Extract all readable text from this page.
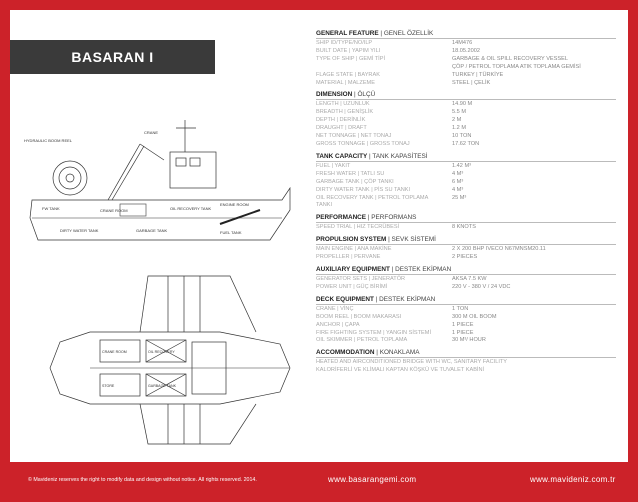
BASARAN I
HYDRAULIC BOOM REEL
CRANE
FW TANK	CRANE ROOM
GARBAGE TANK
OIL RECOVERY TANK
DIRTY WATER TANK
ENGINE ROOM
FUEL TANK
CRANE ROOM	OIL RECOVERY
GARBAGE TANK
STORE
GENERAL FEATURE | GENEL ÖZELLİK
SHIP ID/TYPE/NO/ILP	14M476
BUILT DATE | YAPIM YILI	18.05.2002
TYPE OF SHIP | GEMİ TİPİ	GARBAGE & OIL SPILL RECOVERY VESSEL
ÇÖP / PETROL TOPLAMA ATIK TOPLAMA GEMİSİ
FLAGE STATE | BAYRAK	TURKEY | TÜRKİYE
MATERIAL | MALZEME	STEEL | ÇELİK
DIMENSION | ÖLÇÜ
LENGTH | UZUNLUK	14.90 M
BREADTH | GENİŞLİK	5.5 M
DEPTH | DERİNLİK	2 M
DRAUGHT | DRAFT	1.2 M
NET TONNAGE | NET TONAJ	10 TON
GROSS TONNAGE | GROSS TONAJ	17.62 TON
TANK CAPACITY | TANK KAPASİTESİ
FUEL | YAKIT	1.42 M³
FRESH WATER | TATLI SU	4 M³
GARBAGE TANK | ÇÖP TANKI	6 M³
DIRTY WATER TANK | PİS SU TANKI	4 M³
OIL RECOVERY TANK | PETROL TOPLAMA	25 M³
TANKI
PERFORMANCE | PERFORMANS
SPEED TRIAL | HIZ TECRÜBESİ	8 KNOTS
PROPULSION SYSTEM | SEVK SİSTEMİ
MAIN ENGINE | ANA MAKİNE	2 X 200 BHP IVECO N67MNSM20.11
PROPELLER | PERVANE	2 PIECES
AUXILIARY EQUIPMENT | DESTEK EKİPMAN
GENERATOR SETS | JENERATÖR	AKSA 7.5 KW
POWER UNIT | GÜÇ BİRİMİ	220 V - 380 V / 24 VDC
DECK EQUIPMENT | DESTEK EKİPMAN
CRANE | VİNÇ	1 TON
BOOM REEL | BOOM MAKARASI	300 M OIL BOOM
ANCHOR | ÇAPA	1 PIECE
FIRE FIGHTING SYSTEM | YANGIN SİSTEMİ	1 PIECE
OIL SKIMMER | PETROL TOPLAMA	30 M³/ HOUR
ACCOMMODATION | KONAKLAMA
HEATED AND AIRCONDITIONED BRIDGE WITH WC, SANITARY FACILITY
KALORİFERLİ VE KLİMALI KAPTAN KÖŞKÜ VE TUVALET KABİNİ
© Mavideniz reserves the right to modify data and design without notice. All rights reserved. 2014.	www.basarangemi.com	www.mavideniz.com.tr
